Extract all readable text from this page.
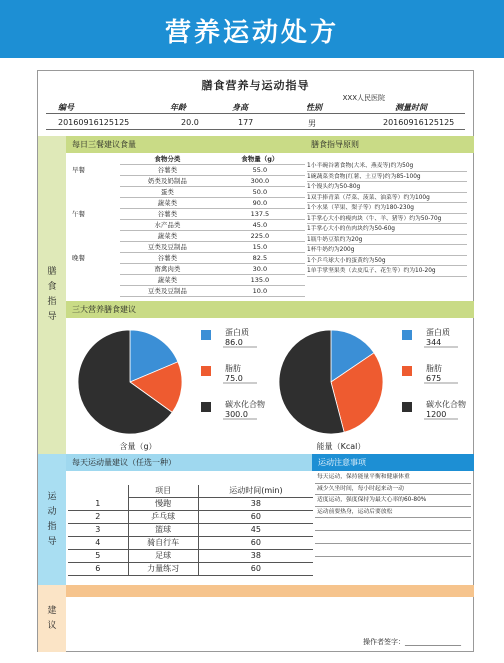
营养运动处方
膳食营养与运动指导
XXX人民医院
编号	年龄	身高	性别	测量时间
20160916125125	20.0	177	男	20160916125125
膳食指导
每日三餐建议食量	膳食指导原则
	食物分类	食物量（g）
早餐	谷薯类	55.0
	奶类及奶制品	300.0
	蛋类	50.0
	蔬菜类	90.0
午餐	谷薯类	137.5
	水产品类	45.0
	蔬菜类	225.0
	豆类及豆制品	15.0
晚餐	谷薯类	82.5
	畜禽肉类	30.0
	蔬菜类	135.0
	豆类及豆制品	10.0
1小半碗谷薯食物(大米、燕麦等)约为50g
1碗蔬菜类食物(红薯、土豆等)约为85-100g
1个馒头约为50-80g
1双手捧青菜（芹菜、菠菜、油菜等）约为100g
1个水果（苹果、梨子等）约为180-230g
1手掌心大小的瘦肉块（牛、羊、猪等）约为50-70g
1手掌心大小的鱼肉块约为50-60g
1瓶牛奶豆浆约为20g
1杯牛奶约为200g
1个乒乓球大小的蛋黄约为50g
1单手掌坚果类（去皮瓜子、花生等）约为10-20g
三大营养膳食建议
蛋白质
86.0
脂肪
75.0
碳水化合物
300.0
含量（g）
蛋白质
344
脂肪
675
碳水化合物
1200
能量（Kcal）
运动指导
每天运动量建议（任选一种）	运动注意事项
	项目	运动时间(min)
1	慢跑	38
2	乒乓球	60
3	篮球	45
4	骑自行车	60
5	足球	38
6	力量练习	60
每天运动，保持能量平衡和健康体重
减少久坐时间，每小时起来动一动
适度运动，强度保持为最大心率的60-80%
运动前要热身，运动后要放松
建议
操作者签字：________________
